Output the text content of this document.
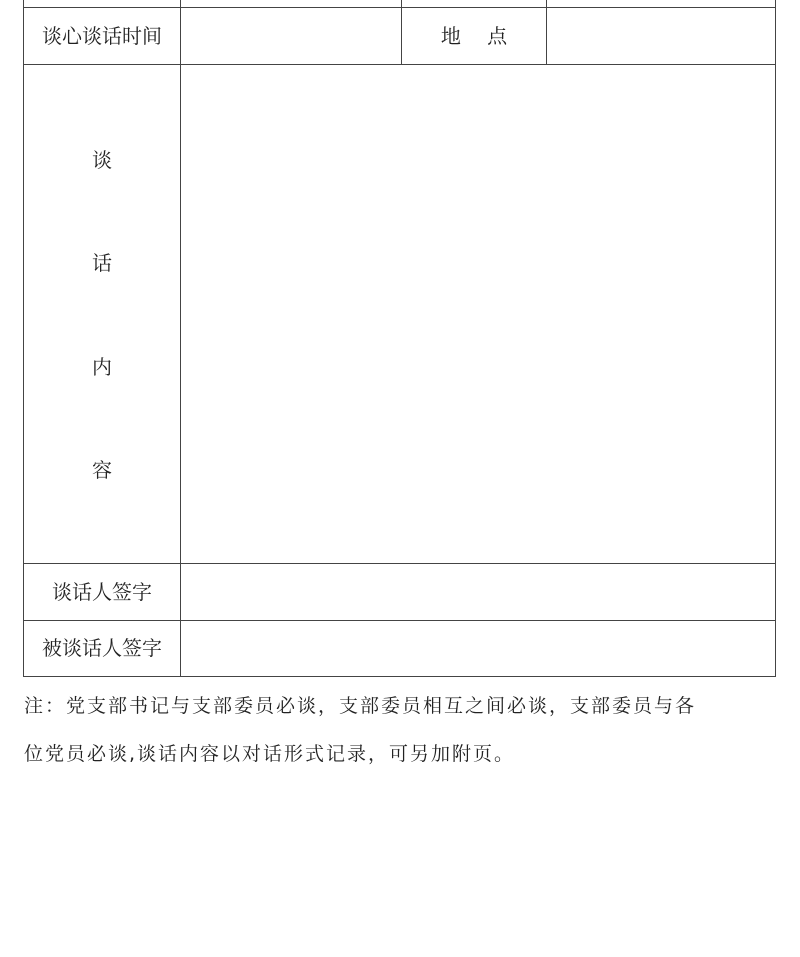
谈心谈话时间	地 点
谈
话
内
容
谈话人签字
被谈话人签字
注：党支部书记与支部委员必谈，支部委员相互之间必谈，支部委员与各
位党员必谈,谈话内容以对话形式记录，可另加附页。
